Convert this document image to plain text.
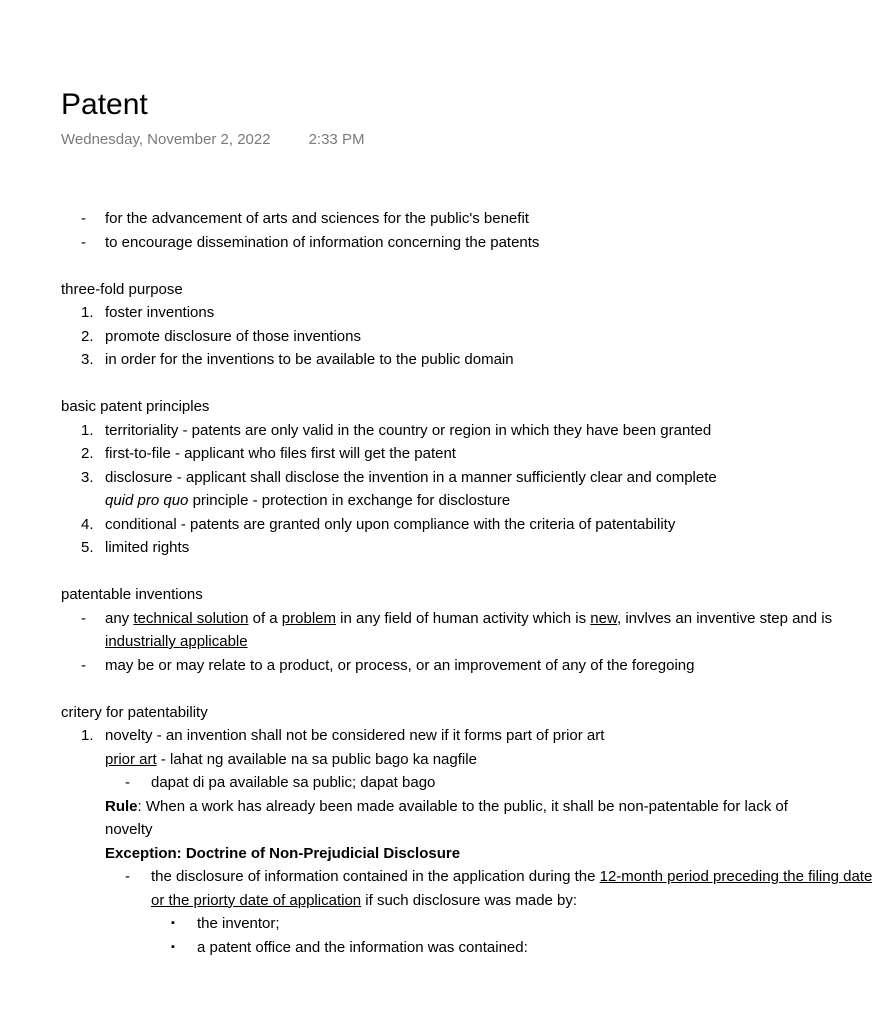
Patent
Wednesday, November 2, 2022	2:33 PM
-	for the advancement of arts and sciences for the public's benefit
-	to encourage dissemination of information concerning the patents
three-fold purpose
1. foster inventions
2. promote disclosure of those inventions
3. in order for the inventions to be available to the public domain
basic patent principles
1. territoriality - patents are only valid in the country or region in which they have been granted
2. first-to-file - applicant who files first will get the patent
3. disclosure - applicant shall disclose the invention in a manner sufficiently clear and complete
quid pro quo principle - protection in exchange for disclosture
4. conditional - patents are granted only upon compliance with the criteria of patentability
5. limited rights
patentable inventions
-	any technical solution of a problem in any field of human activity which is new, invlves an inventive step and is
industrially applicable
-	may be or may relate to a product, or process, or an improvement of any of the foregoing
critery for patentability
1. novelty - an invention shall not be considered new if it forms part of prior art
prior art - lahat ng available na sa public bago ka nagfile
-	dapat di pa available sa public; dapat bago
Rule: When a work has already been made available to the public, it shall be non-patentable for lack of
novelty
Exception: Doctrine of Non-Prejudicial Disclosure
-	the disclosure of information contained in the application during the 12-month period preceding the filing date
or the priorty date of application if such disclosure was made by:
▪	the inventor;
▪	a patent office and the information was contained:
